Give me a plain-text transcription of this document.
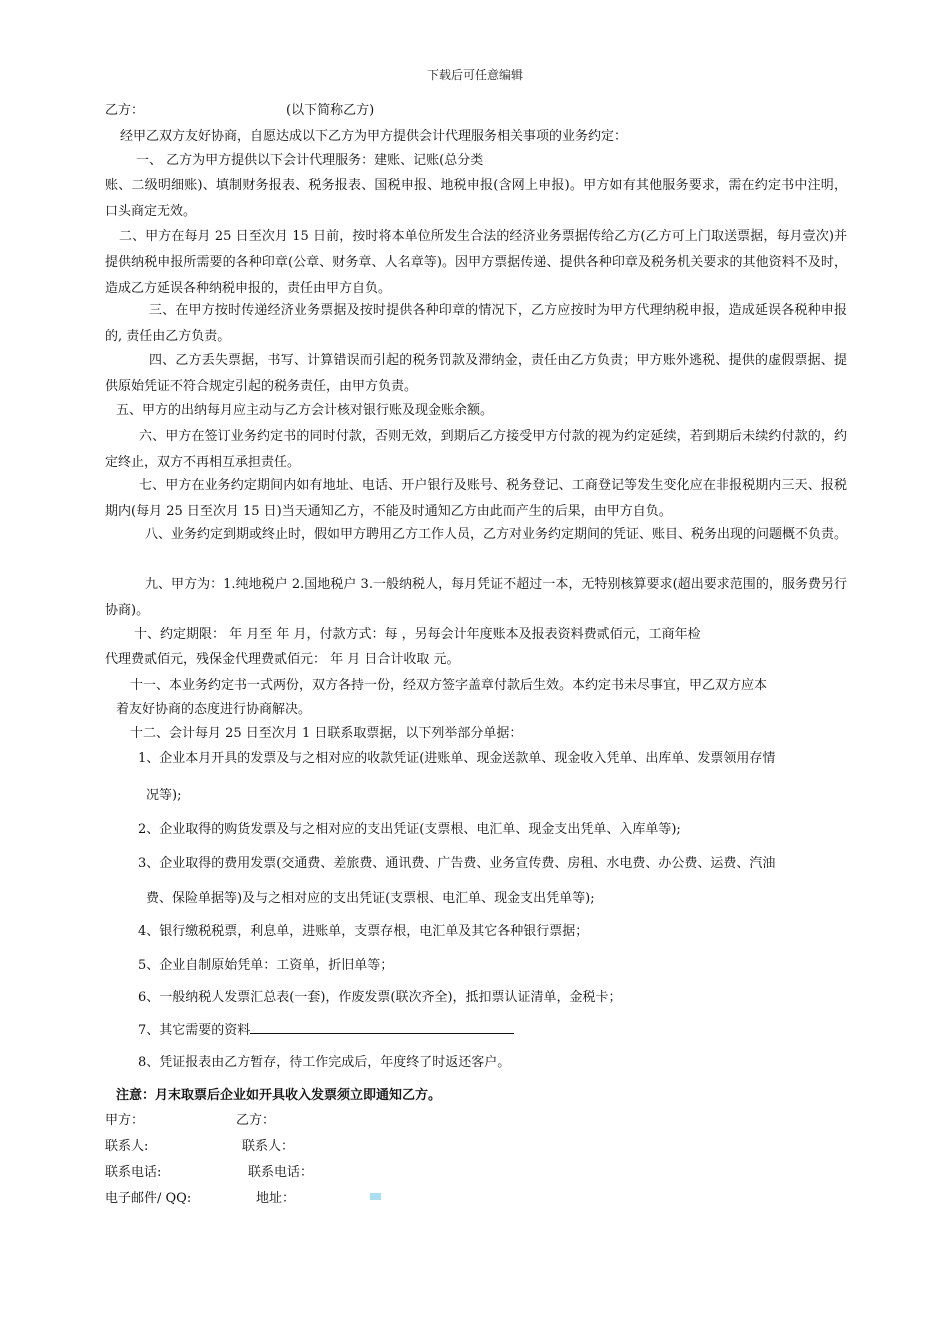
下载后可任意编辑
乙方：	(以下简称乙方)
经甲乙双方友好协商，自愿达成以下乙方为甲方提供会计代理服务相关事项的业务约定：
一、 乙方为甲方提供以下会计代理服务：建账、记账(总分类
账、二级明细账)、填制财务报表、税务报表、国税申报、地税申报(含网上申报)。甲方如有其他服务要求，需在约定书中注明，口头商定无效。
二、甲方在每月 25 日至次月 15 日前，按时将本单位所发生合法的经济业务票据传给乙方(乙方可上门取送票据，每月壹次)并提供纳税申报所需要的各种印章(公章、财务章、人名章等)。因甲方票据传递、提供各种印章及税务机关要求的其他资料不及时，造成乙方延误各种纳税申报的，责任由甲方自负。
三、在甲方按时传递经济业务票据及按时提供各种印章的情况下，乙方应按时为甲方代理纳税申报，造成延误各税种申报的, 责任由乙方负责。
四、乙方丢失票据，书写、计算错误而引起的税务罚款及滞纳金，责任由乙方负责；甲方账外逃税、提供的虚假票据、提供原始凭证不符合规定引起的税务责任，由甲方负责。
五、甲方的出纳每月应主动与乙方会计核对银行账及现金账余额。
六、甲方在签订业务约定书的同时付款，否则无效，到期后乙方接受甲方付款的视为约定延续，若到期后未续约付款的，约定终止，双方不再相互承担责任。
七、甲方在业务约定期间内如有地址、电话、开户银行及账号、税务登记、工商登记等发生变化应在非报税期内三天、报税期内(每月 25 日至次月 15 日)当天通知乙方，不能及时通知乙方由此而产生的后果，由甲方自负。
八、业务约定到期或终止时，假如甲方聘用乙方工作人员，乙方对业务约定期间的凭证、账目、税务出现的问题概不负责。
九、甲方为：1.纯地税户 2.国地税户 3.一般纳税人，每月凭证不超过一本，无特别核算要求(超出要求范围的，服务费另行协商)。
十、约定期限： 年 月至 年 月，付款方式：每 ，另每会计年度账本及报表资料费贰佰元，工商年检
代理费贰佰元，残保金代理费贰佰元： 年 月 日合计收取 元。
十一、本业务约定书一式两份，双方各持一份，经双方签字盖章付款后生效。本约定书未尽事宜，甲乙双方应本
着友好协商的态度进行协商解决。
十二、会计每月 25 日至次月 1 日联系取票据，以下列举部分单据：
1、企业本月开具的发票及与之相对应的收款凭证(进账单、现金送款单、现金收入凭单、出库单、发票领用存情
况等);
2、企业取得的购货发票及与之相对应的支出凭证(支票根、电汇单、现金支出凭单、入库单等);
3、企业取得的费用发票(交通费、差旅费、通讯费、广告费、业务宣传费、房租、水电费、办公费、运费、汽油
费、保险单据等)及与之相对应的支出凭证(支票根、电汇单、现金支出凭单等);
4、银行缴税税票，利息单，进账单，支票存根，电汇单及其它各种银行票据；
5、企业自制原始凭单：工资单，折旧单等；
6、一般纳税人发票汇总表(一套)，作废发票(联次齐全)，抵扣票认证清单，金税卡；
7、其它需要的资料
8、凭证报表由乙方暂存，待工作完成后，年度终了时返还客户。
注意：月末取票后企业如开具收入发票须立即通知乙方。
甲方：	乙方：
联系人:	联系人：
联系电话:	联系电话：
电子邮件/ QQ:	地址：
